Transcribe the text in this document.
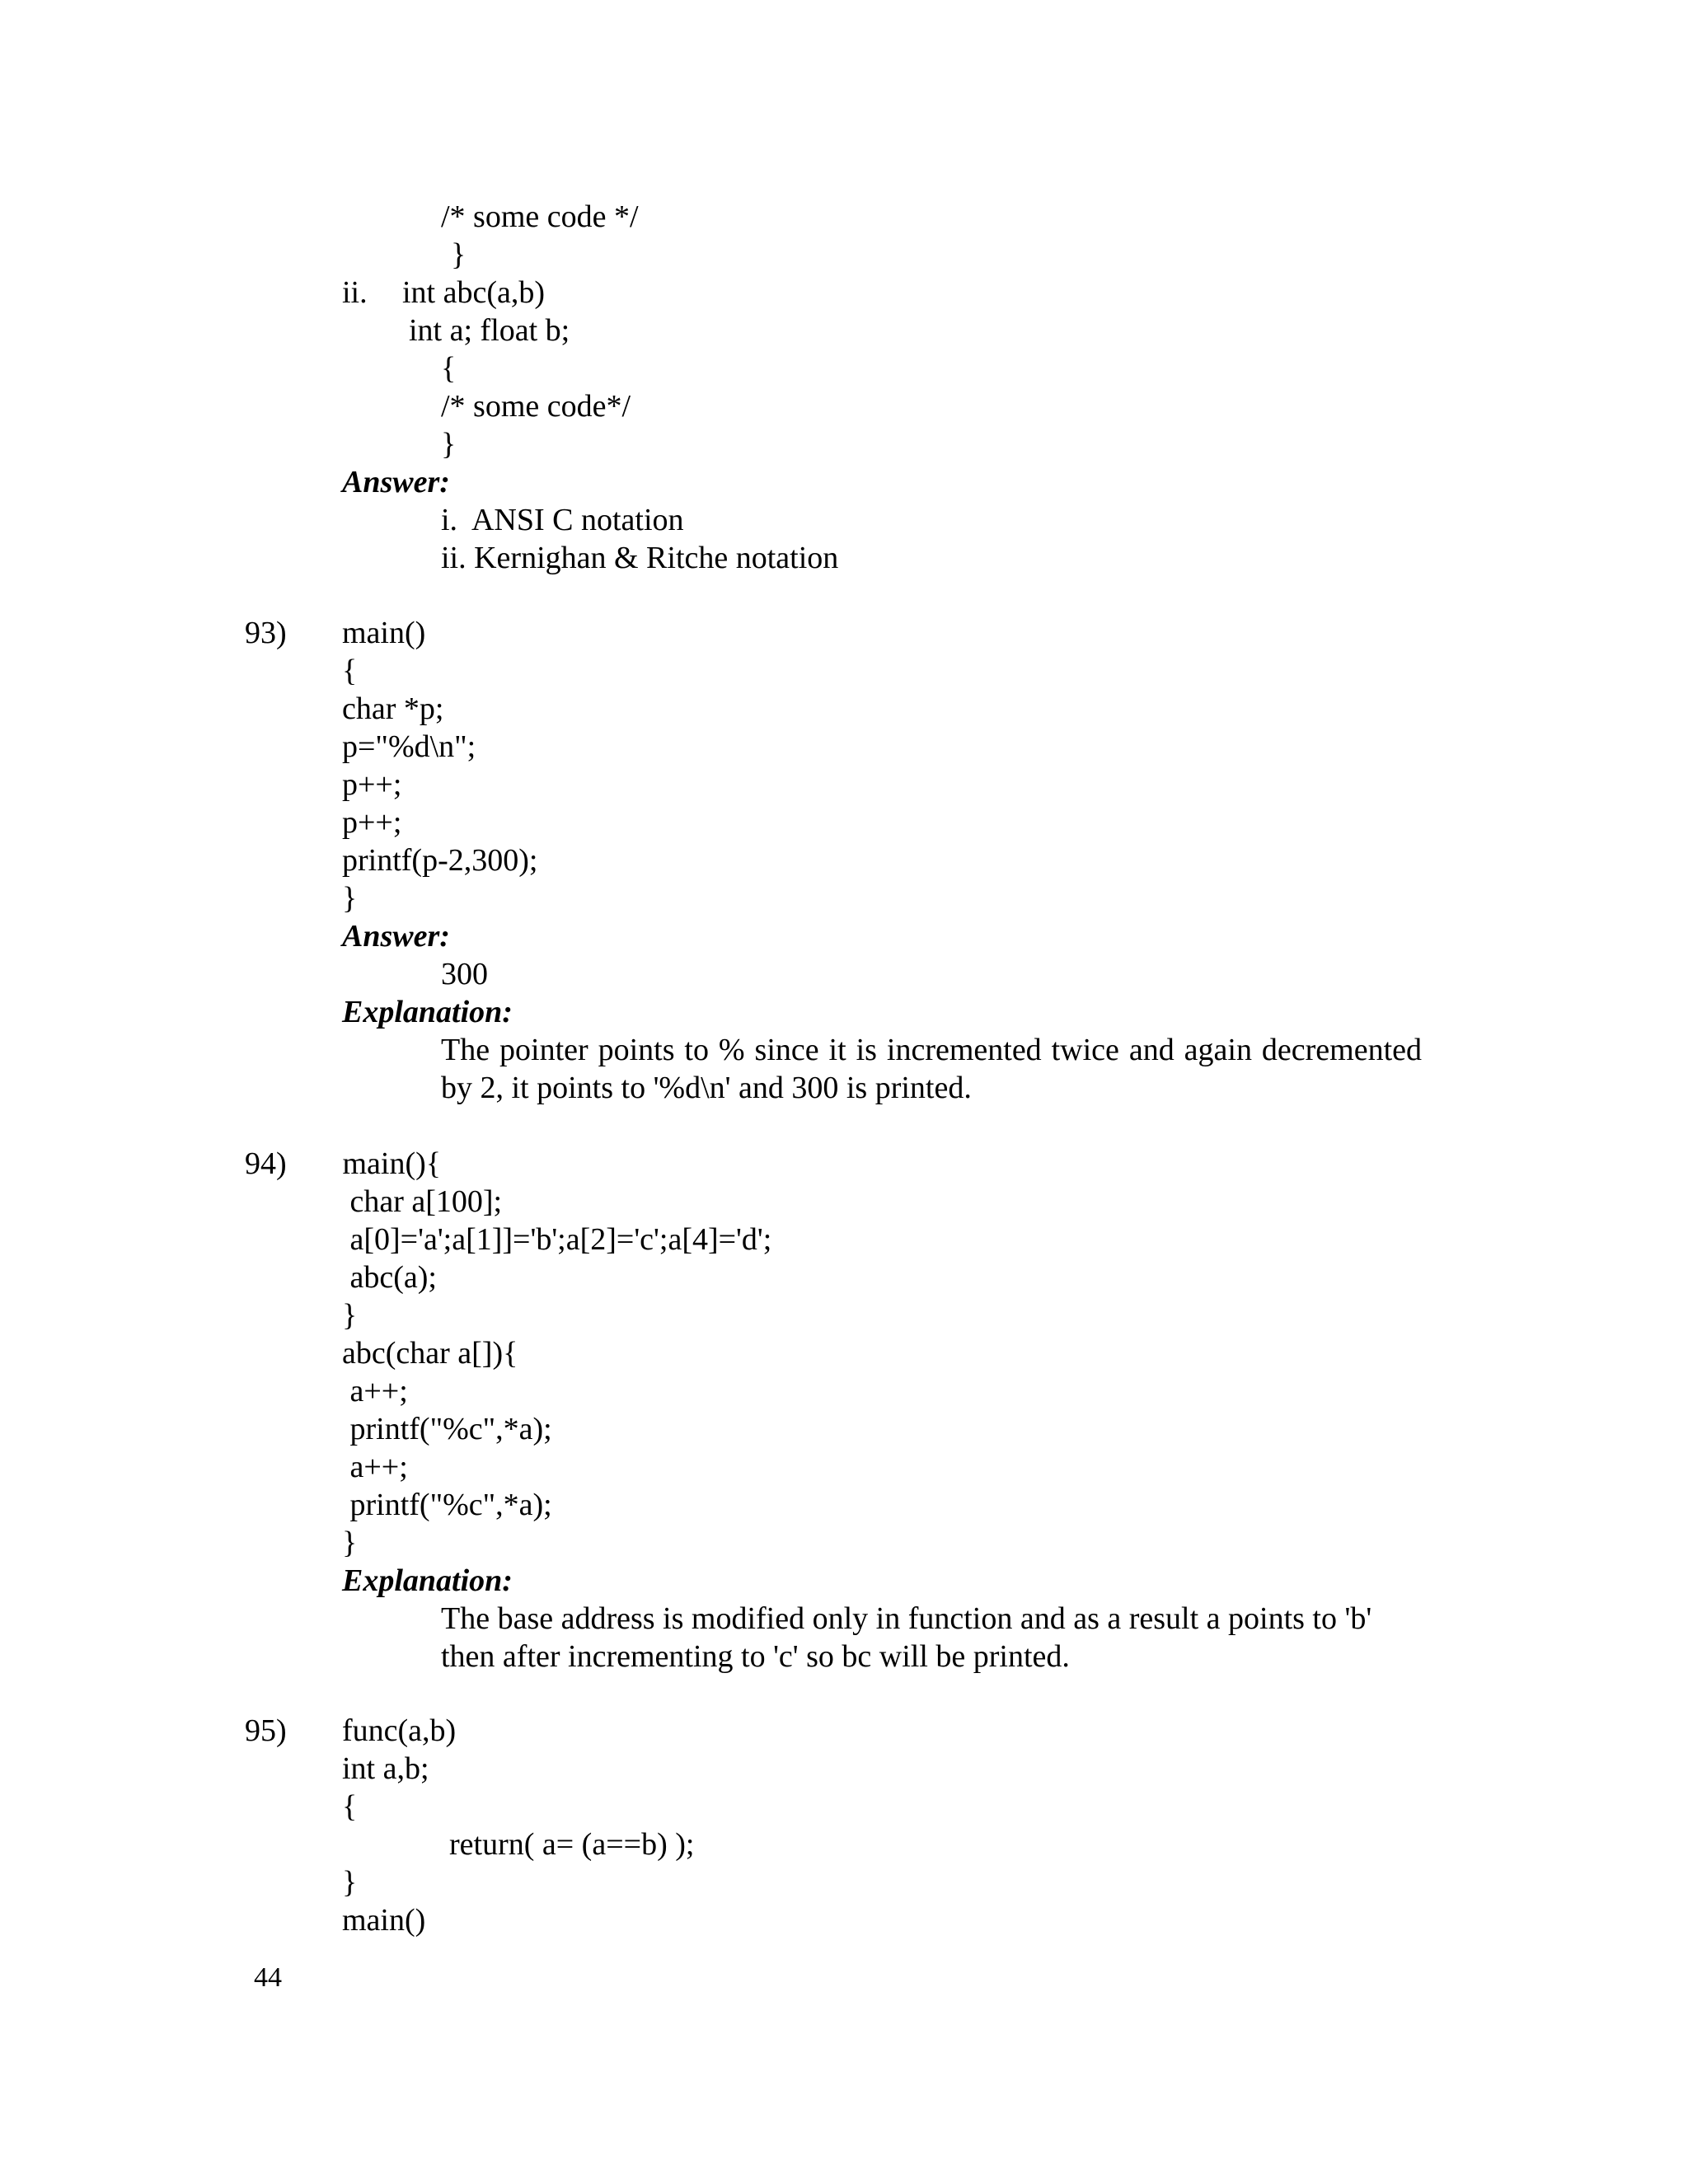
/* some code */
}
ii. int abc(a,b)
int a; float b;
{
/* some code*/
}
Answer:
i.  ANSI C notation
ii. Kernighan & Ritche notation
93) main()
{
char *p;
p="%d\n";
p++;
p++;
printf(p-2,300);
}
Answer:
300
Explanation:
The pointer points to % since it is incremented twice and again decremented by 2, it points to '%d\n' and 300 is printed.
94) main(){
char a[100];
a[0]='a';a[1]]='b';a[2]='c';a[4]='d';
abc(a);
}
abc(char a[]){
a++;
printf("%c",*a);
a++;
printf("%c",*a);
}
Explanation:
The base address is modified only in function and as a result a points to 'b'
then after incrementing to 'c' so bc will be printed.
95) func(a,b)
int a,b;
{
return( a= (a==b) );
}
main()
44
